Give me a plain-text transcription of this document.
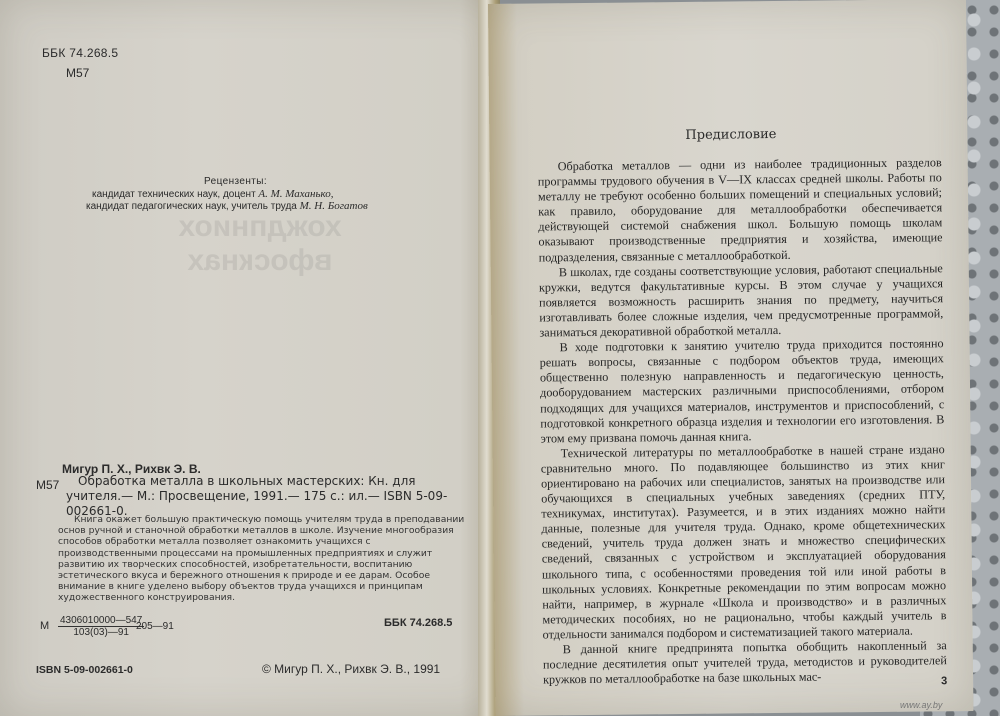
ББК 74.268.5
М57
хождпниох
вфоскнах
Рецензенты:
кандидат технических наук, доцент А. М. Маханько,
кандидат педагогических наук, учитель труда М. Н. Богатов
Мигур П. Х., Рихвк Э. В.
М57	Обработка металла в школьных мастерских: Кн. для учителя.— М.: Просвещение, 1991.— 175 с.: ил.— ISBN 5-09-002661-0.
Книга окажет большую практическую помощь учителям труда в преподавании основ ручной и станочной обработки металлов в школе. Изучение многообразия способов обработки металла позволяет ознакомить учащихся с производственными процессами на промышленных предприятиях и служит развитию их творческих способностей, изобретательности, воспитанию эстетического вкуса и бережного отношения к природе и ее дарам. Особое внимание в книге уделено выбору объектов труда учащихся и принципам художественного конструирования.
М $\frac{4306010000—547}{103(03)—91}$
205—91	ББК 74.268.5
ISBN 5-09-002661-0	© Мигур П. Х., Рихвк Э. В., 1991
Предисловие

Обработка металлов — одни из наиболее традиционных разделов программы трудового обучения в V—IX классах средней школы. Работы по металлу не требуют особенно больших помещений и специальных условий; как правило, оборудование для металлообработки обеспечивается действующей системой снабжения школ. Большую помощь школам оказывают производственные предприятия и хозяйства, имеющие подразделения, связанные с металлообработкой.

В школах, где созданы соответствующие условия, работают специальные кружки, ведутся факультативные курсы. В этом случае у учащихся появляется возможность расширить знания по предмету, научиться изготавливать более сложные изделия, чем предусмотренные программой, заниматься декоративной обработкой металла.

В ходе подготовки к занятию учителю труда приходится постоянно решать вопросы, связанные с подбором объектов труда, имеющих общественно полезную направленность и педагогическую ценность, дооборудованием мастерских различными приспособлениями, отбором подходящих для учащихся материалов, инструментов и приспособлений, с подготовкой конкретного образца изделия и технологии его изготовления. В этом ему призвана помочь данная книга.

Технической литературы по металлообработке в нашей стране издано сравнительно много. По подавляющее большинство из этих книг ориентировано на рабочих или специалистов, занятых на производстве или обучающихся в специальных учебных заведениях (средних ПТУ, техникумах, институтах). Разумеется, и в этих изданиях можно найти данные, полезные для учителя труда. Однако, кроме общетехнических сведений, учитель труда должен знать и множество специфических сведений, связанных с устройством и эксплуатацией оборудования школьного типа, с особенностями проведения той или иной работы в школьных условиях. Конкретные рекомендации по этим вопросам можно найти, например, в журнале «Школа и производство» и в различных методических пособиях, но не рационально, чтобы каждый учитель в отдельности занимался подбором и систематизацией такого материала.

В данной книге предпринята попытка обобщить накопленный за последние десятилетия опыт учителей труда, методистов и руководителей кружков по металлообработке на базе школьных мас-	3
www.ay.by
